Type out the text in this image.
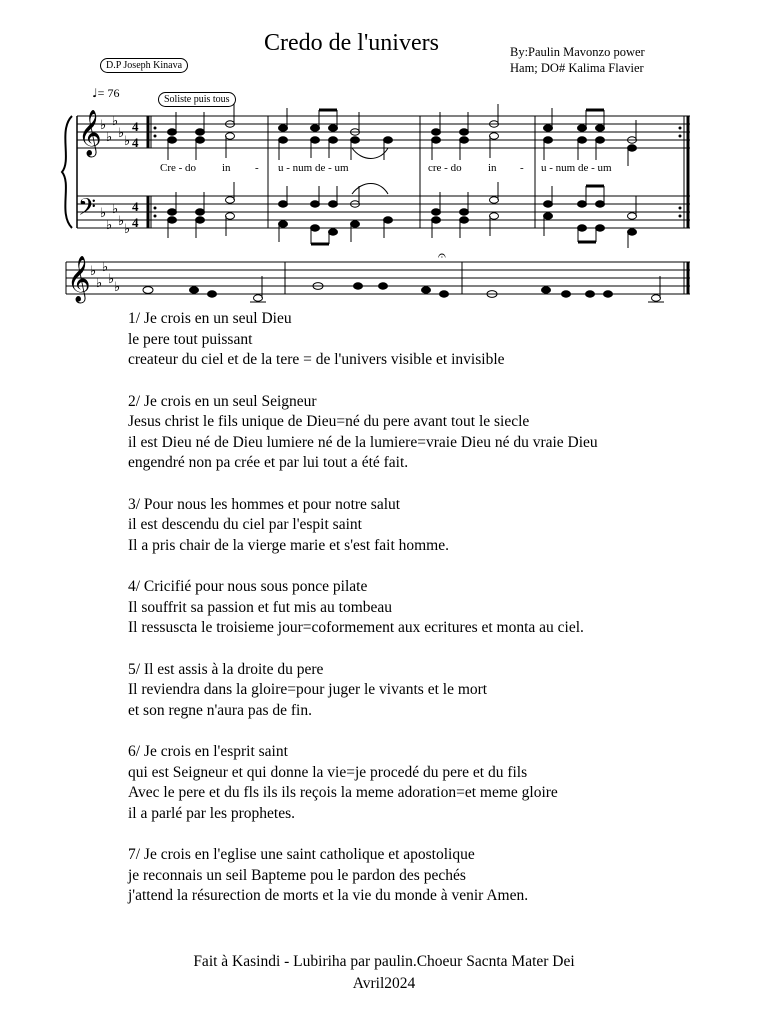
Credo de l'univers	By:Paulin Mavonzo power
Ham; DO# Kalima Flavier
D.P Joseph Kinava
♩= 76	Soliste puis tous
𝄞
𝄢
♭
♭
♭
♭
♭
♭
♭
♭
♭
♭
4
4
4
4
𝄞 ♭
♭
♭
♭
♭
𝄐
Cre - do in - u - num de - um	cre - do in - u - num de - um
1/ Je crois en un seul Dieu
le pere tout puissant
createur du ciel et de la tere = de l'univers visible et invisible
2/ Je crois en un seul Seigneur
Jesus christ le fils unique de Dieu=né du pere avant tout le siecle
il est Dieu né de Dieu lumiere né de la lumiere=vraie Dieu né du vraie Dieu
engendré non pa crée et par lui tout a été fait.
3/ Pour nous les hommes et pour notre salut
il est descendu du ciel par l'espit saint
Il a pris chair de la vierge marie et s'est fait homme.
4/ Cricifié pour nous sous ponce pilate
Il souffrit sa passion et fut mis au tombeau
Il ressuscta le troisieme jour=coformement aux ecritures et monta au ciel.
5/ Il est assis à la droite du pere
Il reviendra dans la gloire=pour juger le vivants et le mort
et son regne n'aura pas de fin.
6/ Je crois en l'esprit saint
qui est Seigneur et qui donne la vie=je procedé du pere et du fils
Avec le pere et du fls ils ils reçois la meme adoration=et meme gloire
il a parlé par les prophetes.
7/ Je crois en l'eglise une saint catholique et apostolique
je reconnais un seil Bapteme pou le pardon des pechés
j'attend la résurection de morts et la vie du monde à venir Amen.
Fait à Kasindi - Lubiriha par paulin.Choeur Sacnta Mater Dei
Avril2024
